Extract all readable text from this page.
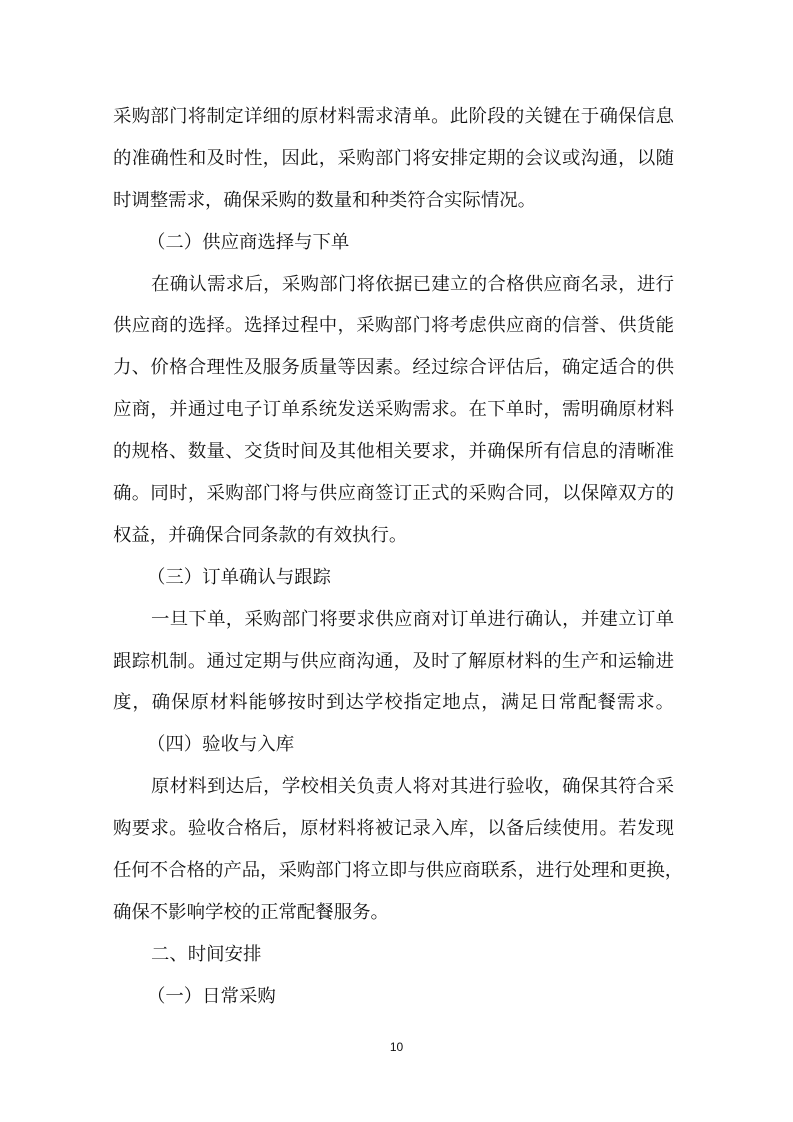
采购部门将制定详细的原材料需求清单。此阶段的关键在于确保信息
的准确性和及时性，因此，采购部门将安排定期的会议或沟通，以随
时调整需求，确保采购的数量和种类符合实际情况。
（二）供应商选择与下单
在确认需求后，采购部门将依据已建立的合格供应商名录，进行
供应商的选择。选择过程中，采购部门将考虑供应商的信誉、供货能
力、价格合理性及服务质量等因素。经过综合评估后，确定适合的供
应商，并通过电子订单系统发送采购需求。在下单时，需明确原材料
的规格、数量、交货时间及其他相关要求，并确保所有信息的清晰准
确。同时，采购部门将与供应商签订正式的采购合同，以保障双方的
权益，并确保合同条款的有效执行。
（三）订单确认与跟踪
一旦下单，采购部门将要求供应商对订单进行确认，并建立订单
跟踪机制。通过定期与供应商沟通，及时了解原材料的生产和运输进
度，确保原材料能够按时到达学校指定地点，满足日常配餐需求。
（四）验收与入库
原材料到达后，学校相关负责人将对其进行验收，确保其符合采
购要求。验收合格后，原材料将被记录入库，以备后续使用。若发现
任何不合格的产品，采购部门将立即与供应商联系，进行处理和更换，
确保不影响学校的正常配餐服务。
二、时间安排
（一）日常采购
10
